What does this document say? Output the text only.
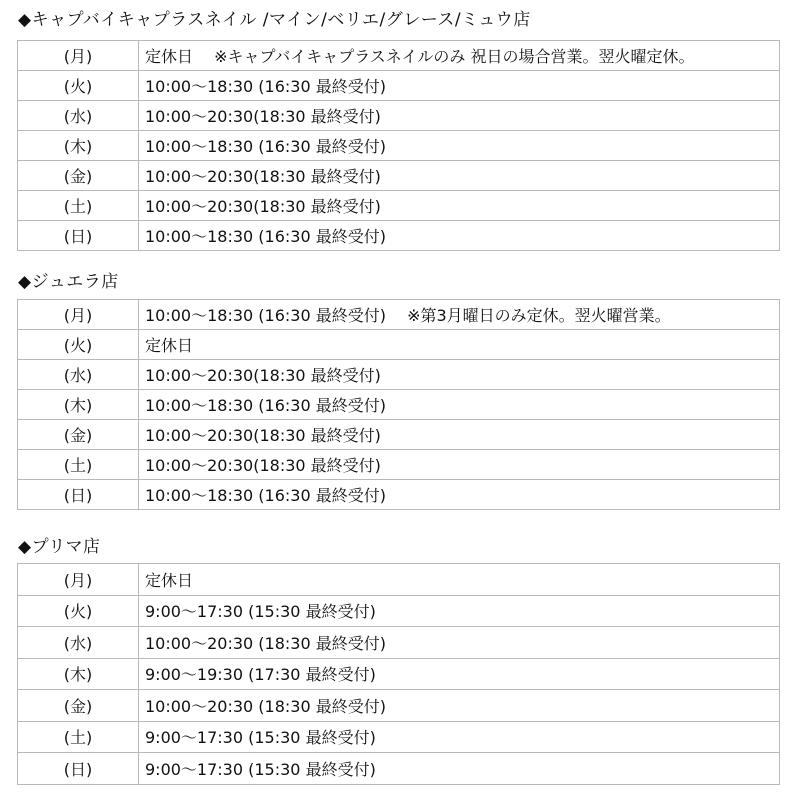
◆キャプバイキャプラスネイル /マイン/ベリエ/グレース/ミュウ店
(月)	定休日　 ※キャプバイキャプラスネイルのみ 祝日の場合営業。翌火曜定休。
(火)	10:00～18:30 (16:30 最終受付)
(水)	10:00～20:30(18:30 最終受付)
(木)	10:00～18:30 (16:30 最終受付)
(金)	10:00～20:30(18:30 最終受付)
(土)	10:00～20:30(18:30 最終受付)
(日)	10:00～18:30 (16:30 最終受付)
◆ジュエラ店
(月)	10:00～18:30 (16:30 最終受付)　 ※第3月曜日のみ定休。翌火曜営業。
(火)	定休日
(水)	10:00～20:30(18:30 最終受付)
(木)	10:00～18:30 (16:30 最終受付)
(金)	10:00～20:30(18:30 最終受付)
(土)	10:00～20:30(18:30 最終受付)
(日)	10:00～18:30 (16:30 最終受付)
◆プリマ店
(月)	定休日
(火)	9:00～17:30 (15:30 最終受付)
(水)	10:00～20:30 (18:30 最終受付)
(木)	9:00～19:30 (17:30 最終受付)
(金)	10:00～20:30 (18:30 最終受付)
(土)	9:00～17:30 (15:30 最終受付)
(日)	9:00～17:30 (15:30 最終受付)
